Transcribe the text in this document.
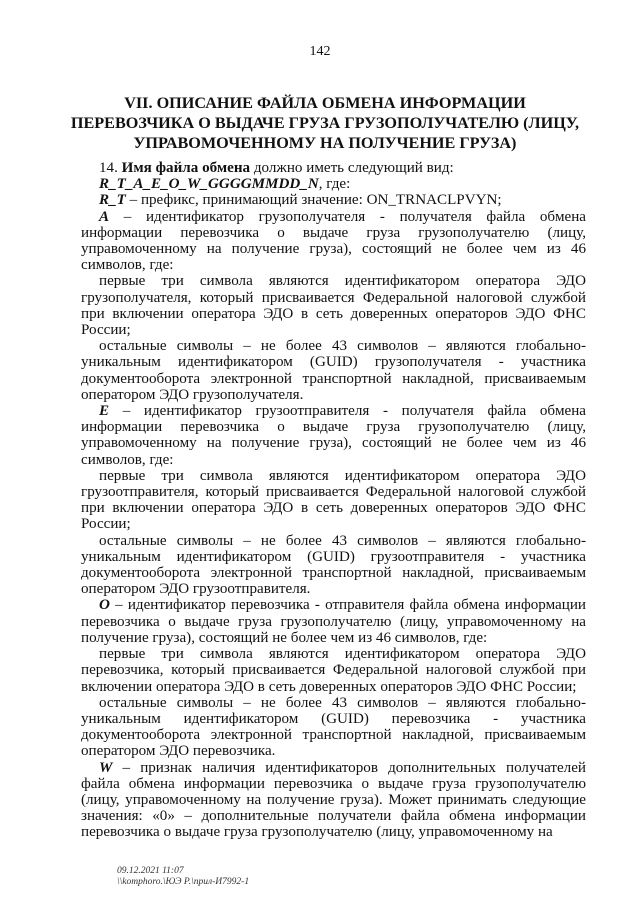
142
VII. ОПИСАНИЕ ФАЙЛА ОБМЕНА ИНФОРМАЦИИ ПЕРЕВОЗЧИКА О ВЫДАЧЕ ГРУЗА ГРУЗОПОЛУЧАТЕЛЮ (ЛИЦУ, УПРАВОМОЧЕННОМУ НА ПОЛУЧЕНИЕ ГРУЗА)

14. Имя файла обмена должно иметь следующий вид:

R_T_A_E_O_W_GGGGMMDD_N, где:

R_T – префикс, принимающий значение: ON_TRNACLPVYN;

A – идентификатор грузополучателя - получателя файла обмена информации перевозчика о выдаче груза грузополучателю (лицу, управомоченному на получение груза), состоящий не более чем из 46 символов, где:

первые три символа являются идентификатором оператора ЭДО грузополучателя, который присваивается Федеральной налоговой службой при включении оператора ЭДО в сеть доверенных операторов ЭДО ФНС России;

остальные символы – не более 43 символов – являются глобально-уникальным идентификатором (GUID) грузополучателя - участника документооборота электронной транспортной накладной, присваиваемым оператором ЭДО грузополучателя.

E – идентификатор грузоотправителя - получателя файла обмена информации перевозчика о выдаче груза грузополучателю (лицу, управомоченному на получение груза), состоящий не более чем из 46 символов, где:

первые три символа являются идентификатором оператора ЭДО грузоотправителя, который присваивается Федеральной налоговой службой при включении оператора ЭДО в сеть доверенных операторов ЭДО ФНС России;

остальные символы – не более 43 символов – являются глобально-уникальным идентификатором (GUID) грузоотправителя - участника документооборота электронной транспортной накладной, присваиваемым оператором ЭДО грузоотправителя.

O – идентификатор перевозчика - отправителя файла обмена информации перевозчика о выдаче груза грузополучателю (лицу, управомоченному на получение груза), состоящий не более чем из 46 символов, где:

первые три символа являются идентификатором оператора ЭДО перевозчика, который присваивается Федеральной налоговой службой при включении оператора ЭДО в сеть доверенных операторов ЭДО ФНС России;

остальные символы – не более 43 символов – являются глобально-уникальным идентификатором (GUID) перевозчика - участника документооборота электронной транспортной накладной, присваиваемым оператором ЭДО перевозчика.

W – признак наличия идентификаторов дополнительных получателей файла обмена информации перевозчика о выдаче груза грузополучателю (лицу, управомоченному на получение груза). Может принимать следующие значения: «0» – дополнительные получатели файла обмена информации перевозчика о выдаче груза грузополучателю (лицу, управомоченному на

09.12.2021 11:07
\\komphoro.\ЮЭ Р.\прил-И7992-1
